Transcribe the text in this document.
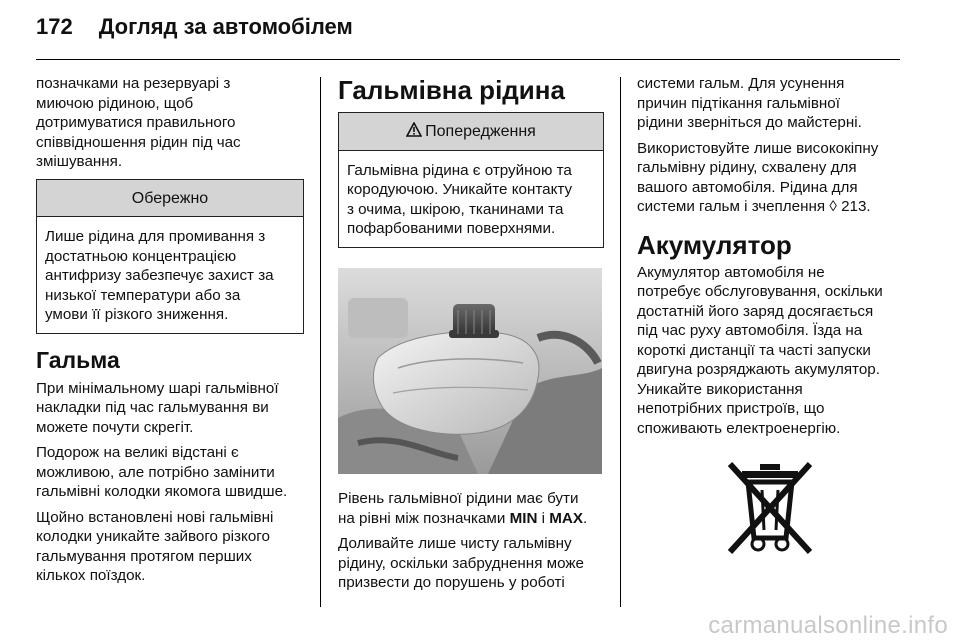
172 Догляд за автомобілем

позначками на резервуарі з
миючою рідиною, щоб
дотримуватися правильного
співвідношення рідин під час
змішування.

Обережно
Лише рідина для промивання з
достатньою концентрацією
антифризу забезпечує захист за
низької температури або за
умови її різкого зниження.
Гальма

При мінімальному шарі гальмівної
накладки під час гальмування ви
можете почути скрегіт.

Подорож на великі відстані є
можливою, але потрібно замінити
гальмівні колодки якомога швидше.

Щойно встановлені нові гальмівні
колодки уникайте зайвого різкого
гальмування протягом перших
кількох поїздок.

Гальмівна рідина
Попередження
Гальмівна рідина є отруйною та
кородуючою. Уникайте контакту
з очима, шкірою, тканинами та
пофарбованими поверхнями.

Рівень гальмівної рідини має бути
на рівні між позначками MIN і MAX.

Доливайте лише чисту гальмівну
рідину, оскільки забруднення може
призвести до порушень у роботі

системи гальм. Для усунення
причин підтікання гальмівної
рідини зверніться до майстерні.

Використовуйте лише висококіпну
гальмівну рідину, схвалену для
вашого автомобіля. Рідина для
системи гальм і зчеплення ◊ 213.

Акумулятор

Акумулятор автомобіля не
потребує обслуговування, оскільки
достатній його заряд досягається
під час руху автомобіля. Їзда на
короткі дистанції та часті запуски
двигуна розряджають акумулятор.
Уникайте використання
непотрібних пристроїв, що
споживають електроенергію.

carmanualsonline.info
